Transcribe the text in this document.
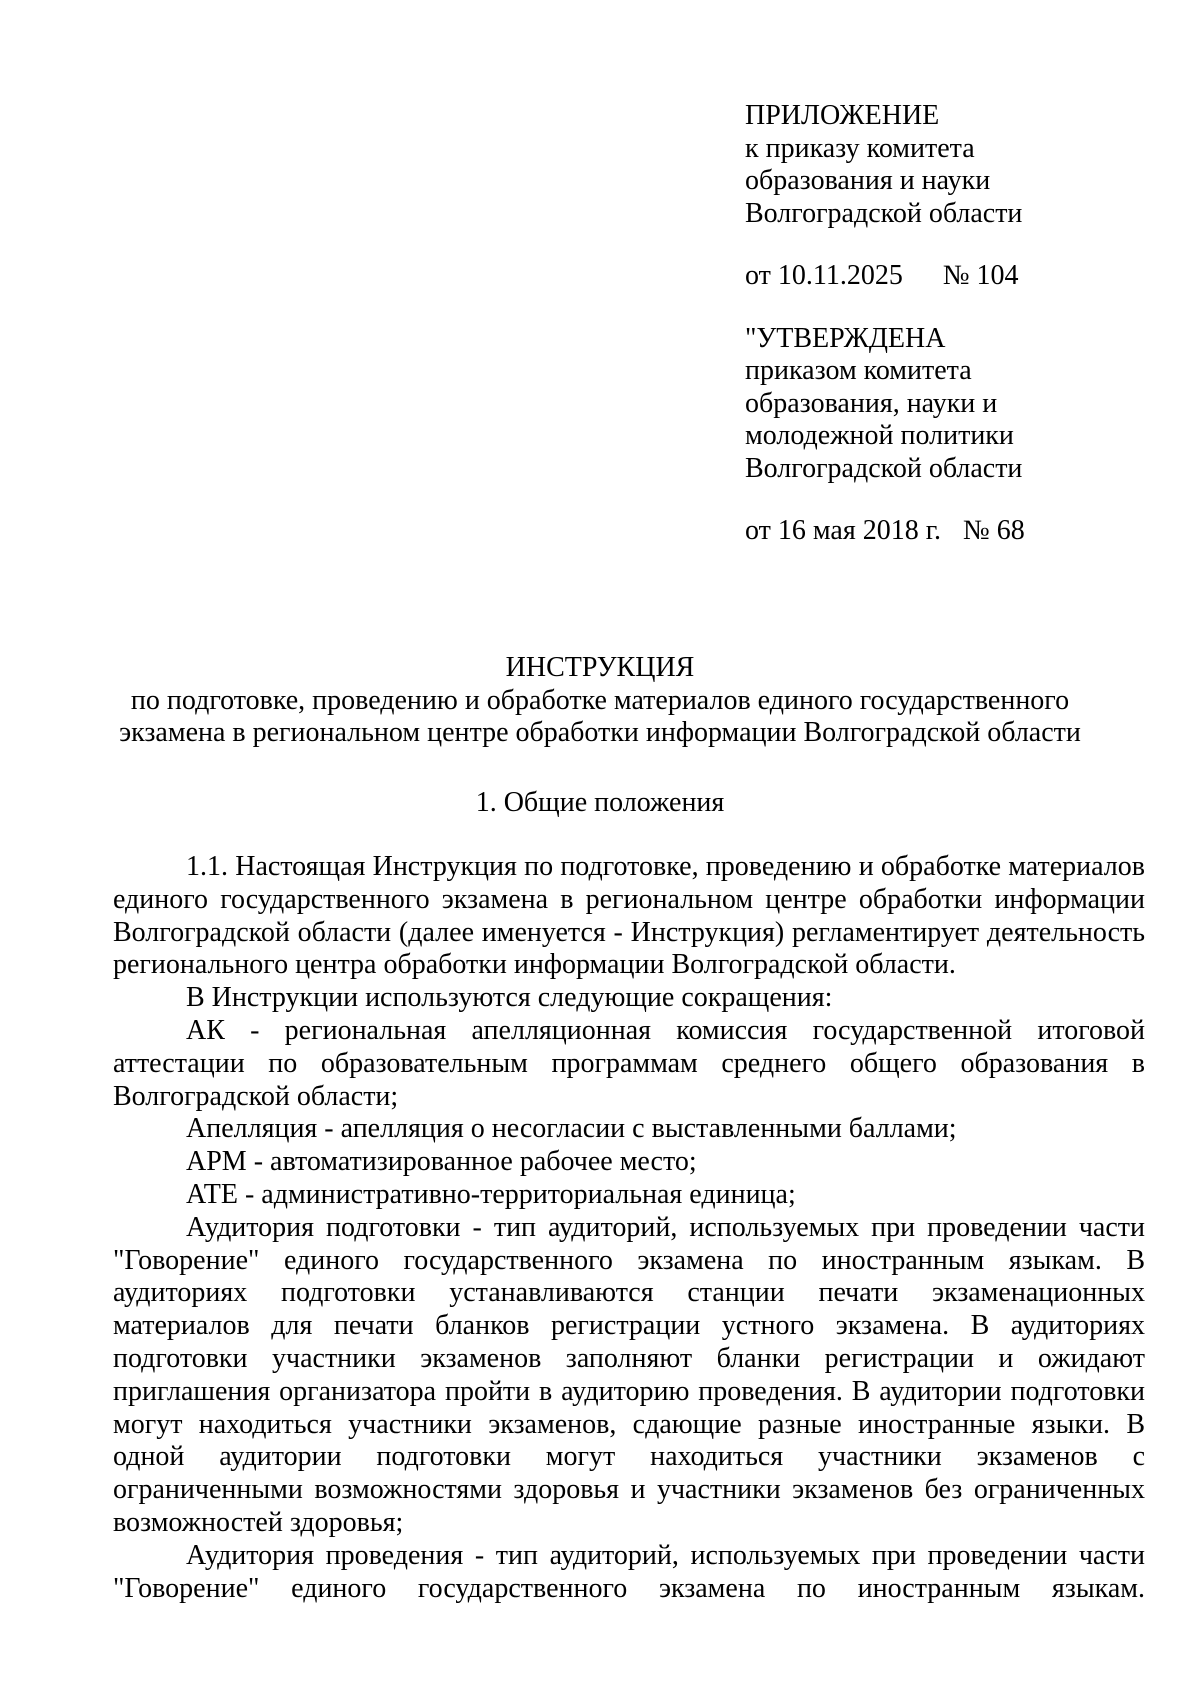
ПРИЛОЖЕНИЕ
к приказу комитета
образования и науки
Волгоградской области
от 10.11.2025 № 104
"УТВЕРЖДЕНА
приказом комитета
образования, науки и
молодежной политики
Волгоградской области
от 16 мая 2018 г. № 68
ИНСТРУКЦИЯ
по подготовке, проведению и обработке материалов единого государственного
экзамена в региональном центре обработки информации Волгоградской области
1. Общие положения

1.1. Настоящая Инструкция по подготовке, проведению и обработке материалов единого государственного экзамена в региональном центре обработки информации Волгоградской области (далее именуется - Инструкция) регламентирует деятельность регионального центра обработки информации Волгоградской области.

В Инструкции используются следующие сокращения:

АК - региональная апелляционная комиссия государственной итоговой аттестации по образовательным программам среднего общего образования в Волгоградской области;

Апелляция - апелляция о несогласии с выставленными баллами;

АРМ - автоматизированное рабочее место;

АТЕ - административно-территориальная единица;

Аудитория подготовки - тип аудиторий, используемых при проведении части "Говорение" единого государственного экзамена по иностранным языкам. В аудиториях подготовки устанавливаются станции печати экзаменационных материалов для печати бланков регистрации устного экзамена. В аудиториях подготовки участники экзаменов заполняют бланки регистрации и ожидают приглашения организатора пройти в аудиторию проведения. В аудитории подготовки могут находиться участники экзаменов, сдающие разные иностранные языки. В одной аудитории подготовки могут находиться участники экзаменов с ограниченными возможностями здоровья и участники экзаменов без ограниченных возможностей здоровья;

Аудитория проведения - тип аудиторий, используемых при проведении части "Говорение" единого государственного экзамена по иностранным языкам.
